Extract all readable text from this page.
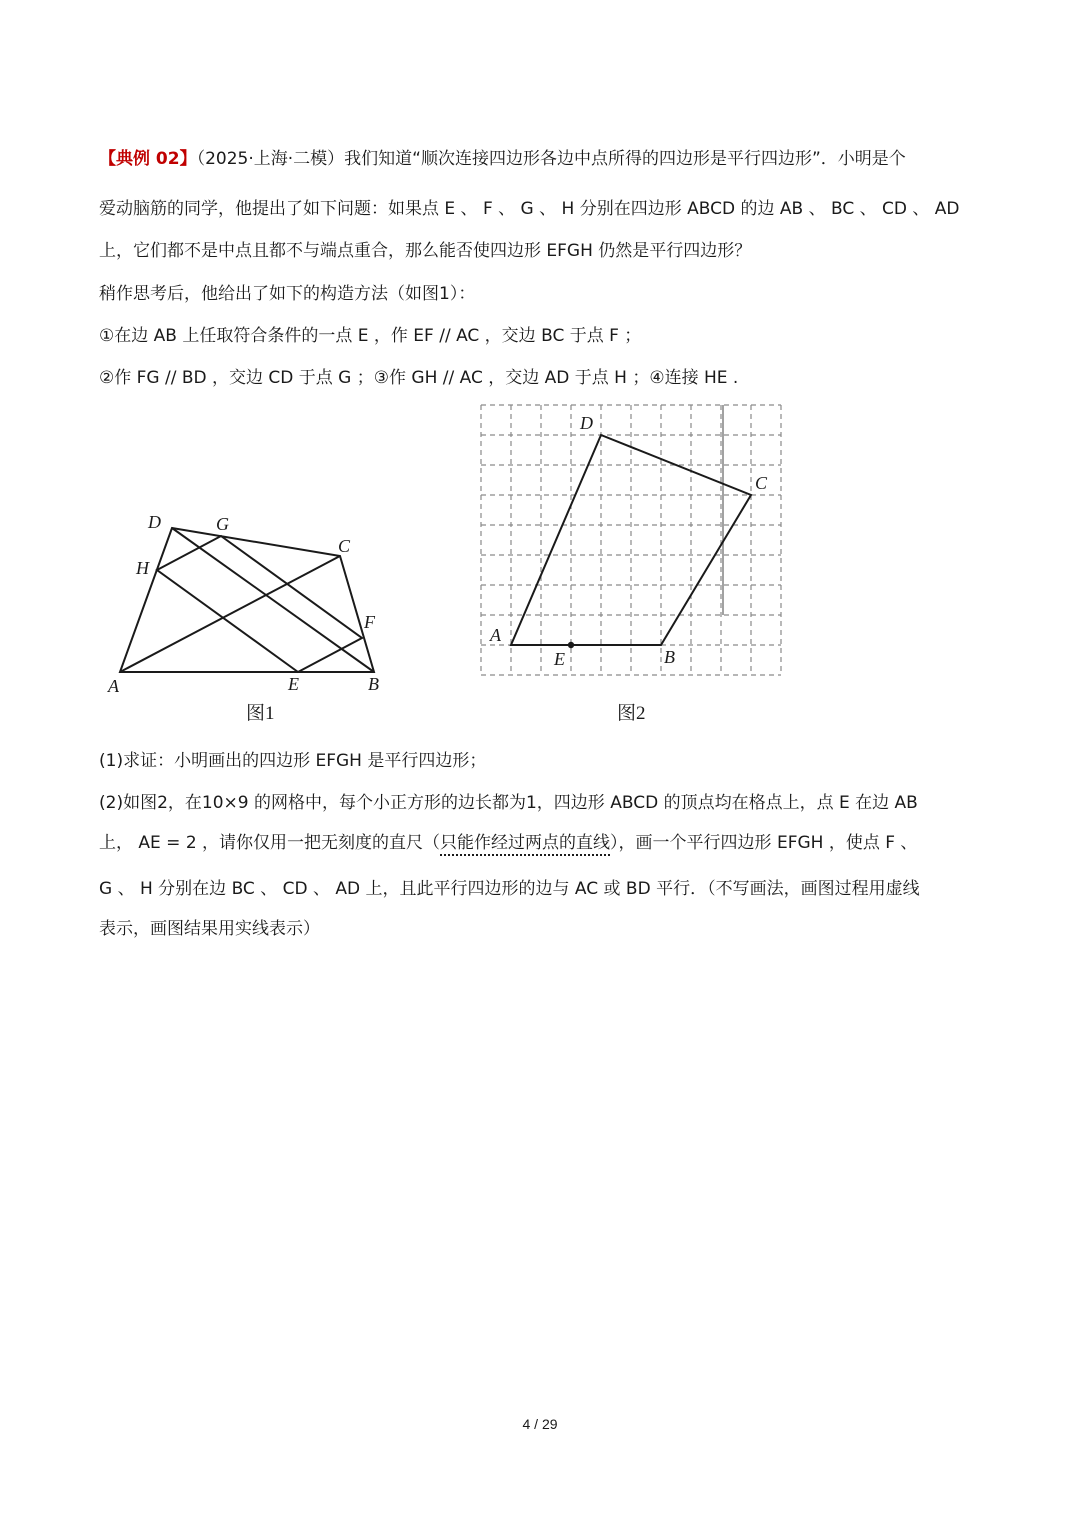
【典例 02】（2025·上海·二模）我们知道“顺次连接四边形各边中点所得的四边形是平行四边形”．小明是个
爱动脑筋的同学，他提出了如下问题：如果点 E 、 F 、 G 、 H 分别在四边形 ABCD 的边 AB 、 BC 、 CD 、 AD
上，它们都不是中点且都不与端点重合，那么能否使四边形 EFGH 仍然是平行四边形？
稍作思考后，他给出了如下的构造方法（如图1）：
①在边 AB 上任取符合条件的一点 E ，作 EF // AC ，交边 BC 于点 F ；
②作 FG // BD ，交边 CD 于点 G ；③作 GH // AC ，交边 AD 于点 H ；④连接 HE .
A	B
C
D
E
F
G
H
图1
A
B
C
D
E
图2
(1)求证：小明画出的四边形 EFGH 是平行四边形；
(2)如图2，在10×9 的网格中，每个小正方形的边长都为1，四边形 ABCD 的顶点均在格点上，点 E 在边 AB
上， AE = 2 ，请你仅用一把无刻度的直尺（只能作经过两点的直线），画一个平行四边形 EFGH ，使点 F 、
G 、 H 分别在边 BC 、 CD 、 AD 上，且此平行四边形的边与 AC 或 BD 平行．（不写画法，画图过程用虚线
表示，画图结果用实线表示）
4 / 29
